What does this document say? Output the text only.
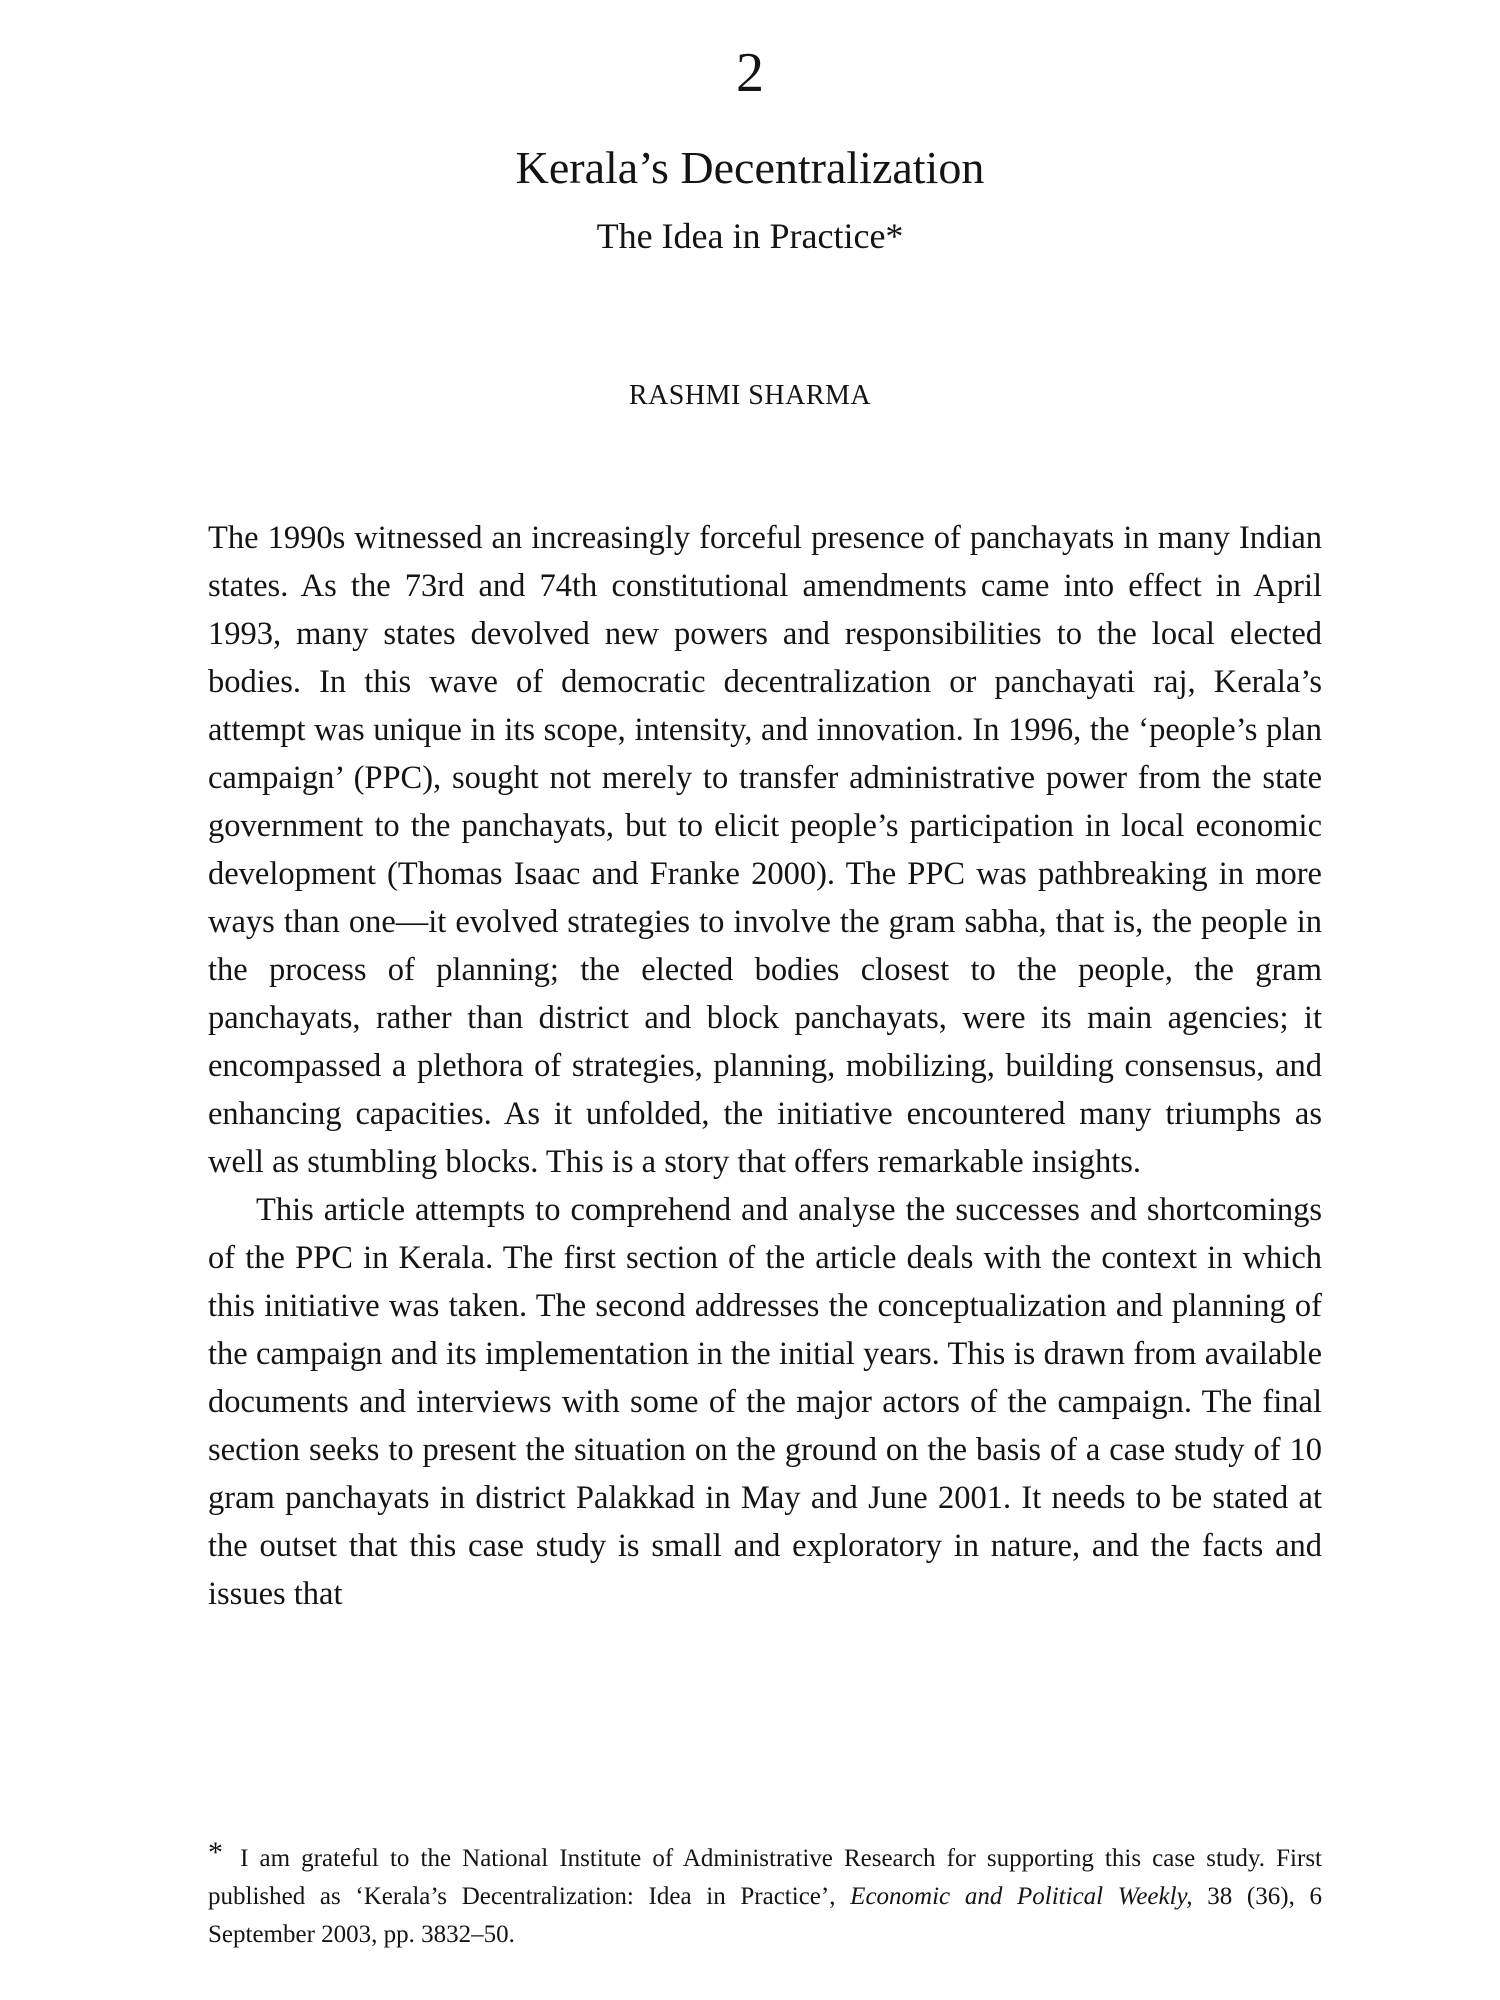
2
Kerala’s Decentralization
The Idea in Practice*
RASHMI SHARMA

The 1990s witnessed an increasingly forceful presence of panchayats in many Indian states. As the 73rd and 74th constitutional amendments came into effect in April 1993, many states devolved new powers and responsibilities to the local elected bodies. In this wave of democratic decentralization or panchayati raj, Kerala’s attempt was unique in its scope, intensity, and innovation. In 1996, the ‘people’s plan campaign’ (PPC), sought not merely to transfer administrative power from the state government to the panchayats, but to elicit people’s participation in local economic development (Thomas Isaac and Franke 2000). The PPC was pathbreaking in more ways than one—it evolved strategies to involve the gram sabha, that is, the people in the process of planning; the elected bodies closest to the people, the gram panchayats, rather than district and block panchayats, were its main agencies; it encompassed a plethora of strategies, planning, mobilizing, building consensus, and enhancing capacities. As it unfolded, the initiative encountered many triumphs as well as stumbling blocks. This is a story that offers remarkable insights.

This article attempts to comprehend and analyse the successes and shortcomings of the PPC in Kerala. The first section of the article deals with the context in which this initiative was taken. The second addresses the conceptualization and planning of the campaign and its implementation in the initial years. This is drawn from available documents and interviews with some of the major actors of the campaign. The final section seeks to present the situation on the ground on the basis of a case study of 10 gram panchayats in district Palakkad in May and June 2001. It needs to be stated at the outset that this case study is small and exploratory in nature, and the facts and issues that

* I am grateful to the National Institute of Administrative Research for supporting this case study. First published as ‘Kerala’s Decentralization: Idea in Practice’, Economic and Political Weekly, 38 (36), 6 September 2003, pp. 3832–50.
